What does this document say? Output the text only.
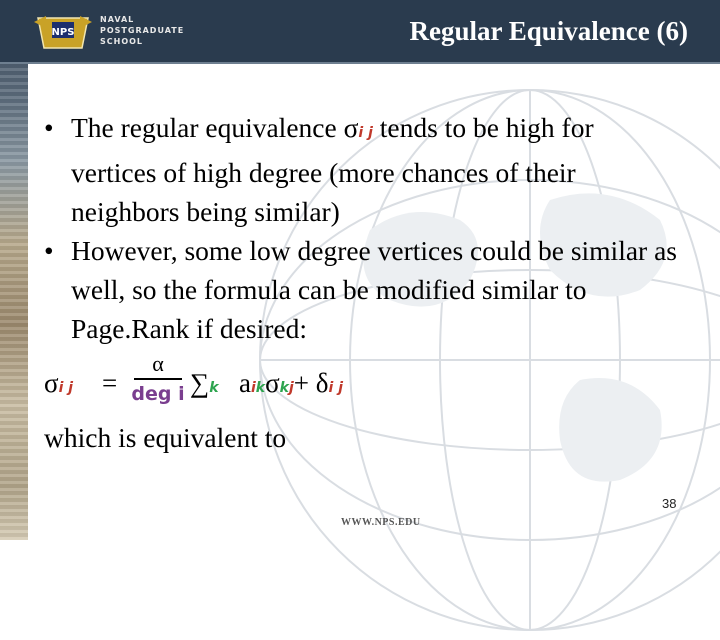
NPS
NAVAL
POSTGRADUATE
SCHOOL	Regular Equivalence (6)
• The regular equivalence σi j tends to be high for vertices of high degree (more chances of their neighbors being similar)
• However, some low degree vertices could be similar as well, so the formula can be modified similar to Page.Rank if desired:
σi j =
α
deg i ∑k aikσkj+ δi j
which is equivalent to
38
WWW.NPS.EDU
